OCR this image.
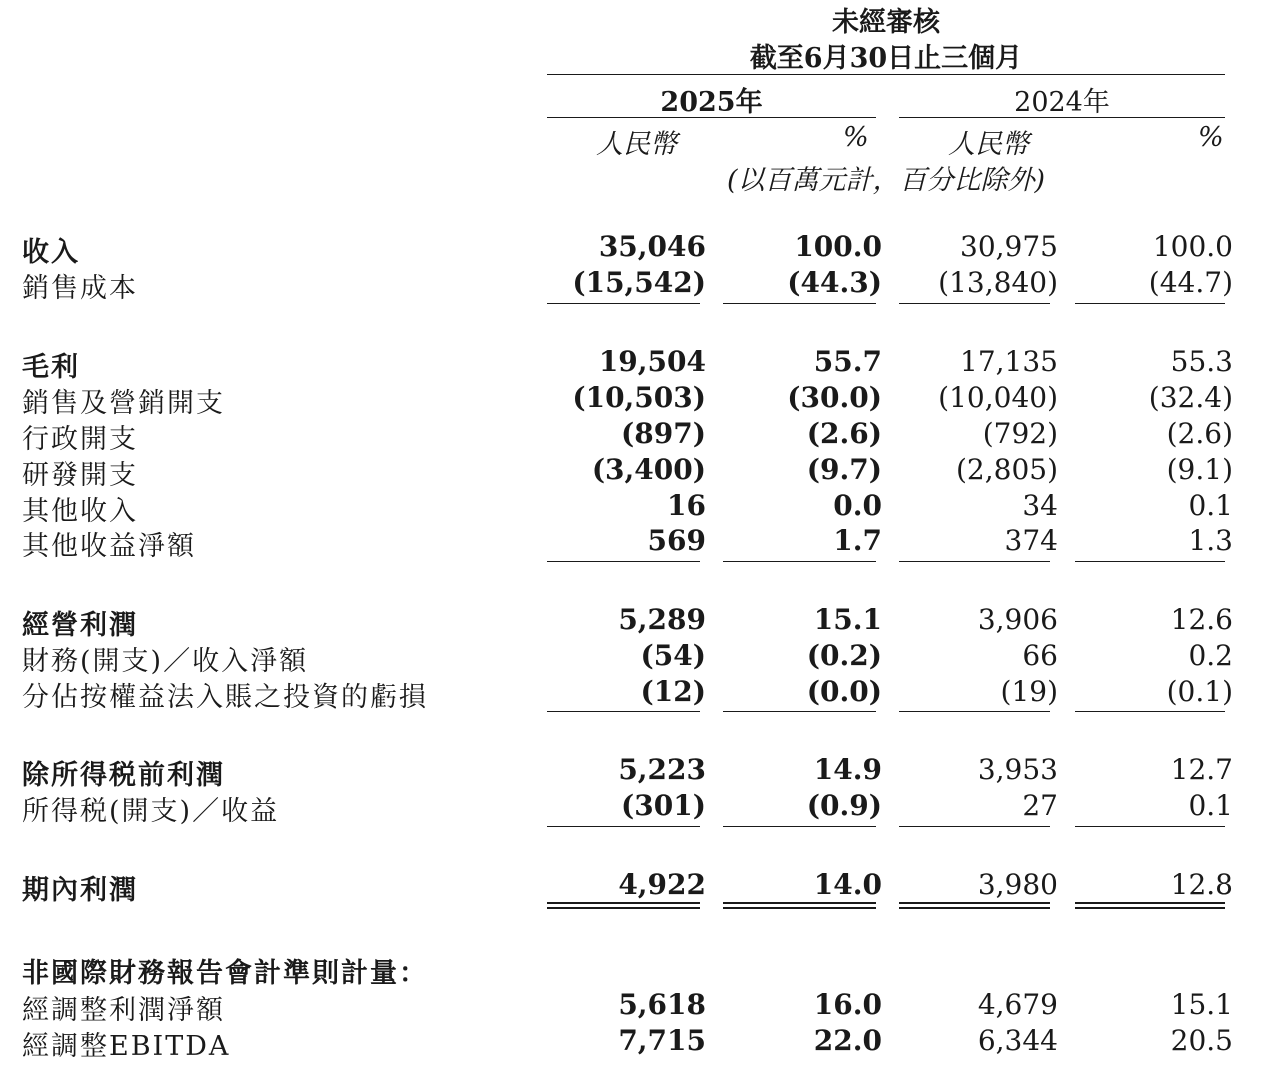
未經審核
截至6月30日止三個月
2025年	2024年
人民幣	%	人民幣	%
(以百萬元計，百分比除外)
收入	35,046	100.0	30,975	100.0
銷售成本	(15,542)	(44.3)	(13,840)	(44.7)
毛利	19,504	55.7	17,135	55.3
銷售及營銷開支	(10,503)	(30.0)	(10,040)	(32.4)
行政開支	(897)	(2.6)	(792)	(2.6)
研發開支	(3,400)	(9.7)	(2,805)	(9.1)
其他收入	16	0.0	34	0.1
其他收益淨額	569	1.7	374	1.3
經營利潤	5,289	15.1	3,906	12.6
財務(開支)／收入淨額	(54)	(0.2)	66	0.2
分佔按權益法入賬之投資的虧損	(12)	(0.0)	(19)	(0.1)
除所得税前利潤	5,223	14.9	3,953	12.7
所得税(開支)／收益	(301)	(0.9)	27	0.1
期內利潤	4,922	14.0	3,980	12.8
非國際財務報告會計準則計量：
經調整利潤淨額	5,618	16.0	4,679	15.1
經調整EBITDA	7,715	22.0	6,344	20.5
